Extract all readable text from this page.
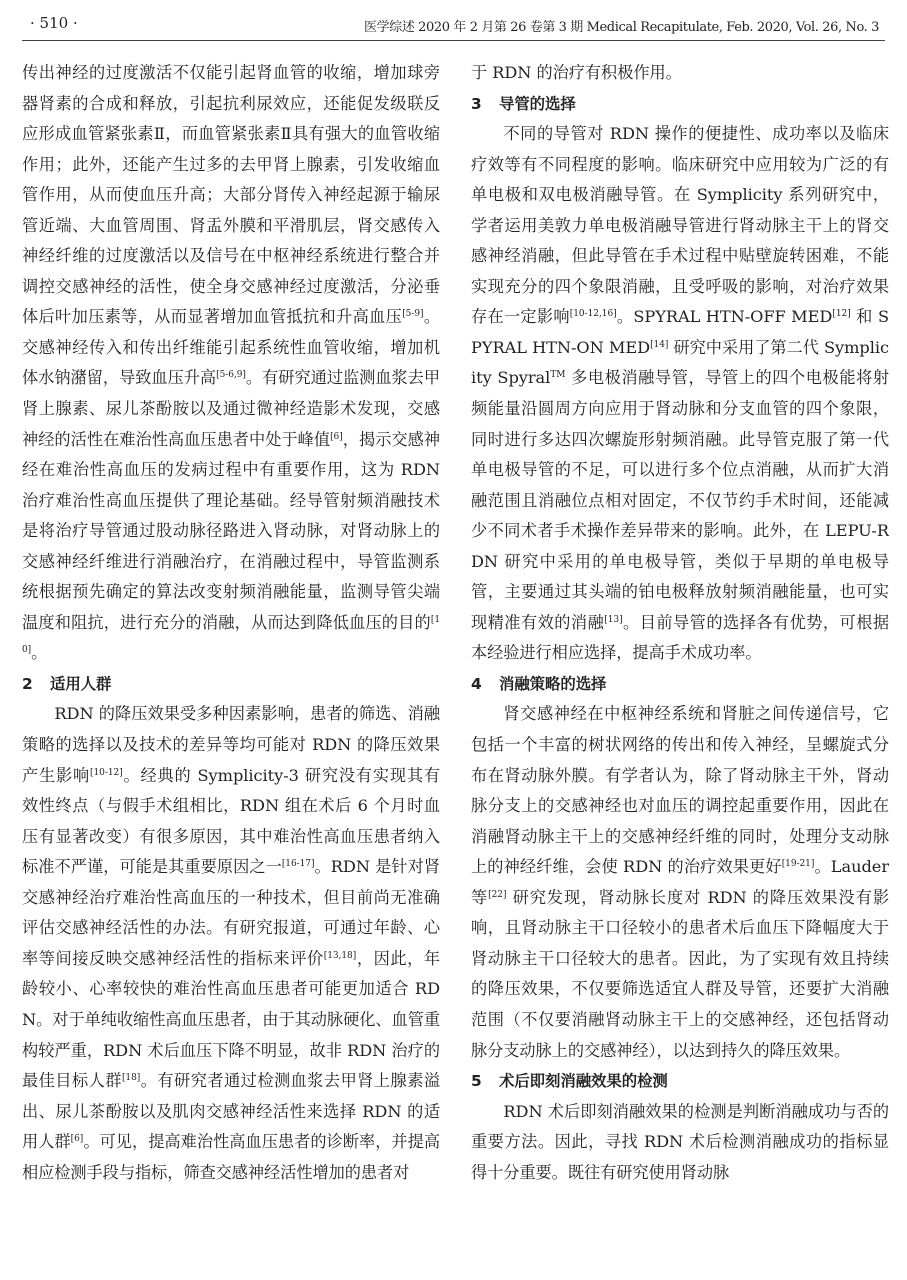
· 510 ·	医学综述 2020 年 2 月第 26 卷第 3 期 Medical Recapitulate, Feb. 2020, Vol. 26, No. 3

传出神经的过度激活不仅能引起肾血管的收缩，增加球旁器肾素的合成和释放，引起抗利尿效应，还能促发级联反应形成血管紧张素Ⅱ，而血管紧张素Ⅱ具有强大的血管收缩作用；此外，还能产生过多的去甲肾上腺素，引发收缩血管作用，从而使血压升高；大部分肾传入神经起源于输尿管近端、大血管周围、肾盂外膜和平滑肌层，肾交感传入神经纤维的过度激活以及信号在中枢神经系统进行整合并调控交感神经的活性，使全身交感神经过度激活，分泌垂体后叶加压素等，从而显著增加血管抵抗和升高血压[5-9]。交感神经传入和传出纤维能引起系统性血管收缩，增加机体水钠潴留，导致血压升高[5-6,9]。有研究通过监测血浆去甲肾上腺素、尿儿茶酚胺以及通过微神经造影术发现，交感神经的活性在难治性高血压患者中处于峰值[6]，揭示交感神经在难治性高血压的发病过程中有重要作用，这为 RDN 治疗难治性高血压提供了理论基础。经导管射频消融技术是将治疗导管通过股动脉径路进入肾动脉，对肾动脉上的交感神经纤维进行消融治疗，在消融过程中，导管监测系统根据预先确定的算法改变射频消融能量，监测导管尖端温度和阻抗，进行充分的消融，从而达到降低血压的目的[10]。

2 适用人群

RDN 的降压效果受多种因素影响，患者的筛选、消融策略的选择以及技术的差异等均可能对 RDN 的降压效果产生影响[10-12]。经典的 Symplicity-3 研究没有实现其有效性终点（与假手术组相比，RDN 组在术后 6 个月时血压有显著改变）有很多原因，其中难治性高血压患者纳入标准不严谨，可能是其重要原因之一[16-17]。RDN 是针对肾交感神经治疗难治性高血压的一种技术，但目前尚无准确评估交感神经活性的办法。有研究报道，可通过年龄、心率等间接反映交感神经活性的指标来评价[13,18]，因此，年龄较小、心率较快的难治性高血压患者可能更加适合 RDN。对于单纯收缩性高血压患者，由于其动脉硬化、血管重构较严重，RDN 术后血压下降不明显，故非 RDN 治疗的最佳目标人群[18]。有研究者通过检测血浆去甲肾上腺素溢出、尿儿茶酚胺以及肌肉交感神经活性来选择 RDN 的适用人群[6]。可见，提高难治性高血压患者的诊断率，并提高相应检测手段与指标，筛查交感神经活性增加的患者对

于 RDN 的治疗有积极作用。

3 导管的选择

不同的导管对 RDN 操作的便捷性、成功率以及临床疗效等有不同程度的影响。临床研究中应用较为广泛的有单电极和双电极消融导管。在 Symplicity 系列研究中，学者运用美敦力单电极消融导管进行肾动脉主干上的肾交感神经消融，但此导管在手术过程中贴壁旋转困难，不能实现充分的四个象限消融，且受呼吸的影响，对治疗效果存在一定影响[10-12,16]。SPYRAL HTN-OFF MED[12] 和 SPYRAL HTN-ON MED[14] 研究中采用了第二代 Symplicity Spyral™ 多电极消融导管，导管上的四个电极能将射频能量沿圆周方向应用于肾动脉和分支血管的四个象限，同时进行多达四次螺旋形射频消融。此导管克服了第一代单电极导管的不足，可以进行多个位点消融，从而扩大消融范围且消融位点相对固定，不仅节约手术时间，还能减少不同术者手术操作差异带来的影响。此外，在 LEPU-RDN 研究中采用的单电极导管，类似于早期的单电极导管，主要通过其头端的铂电极释放射频消融能量，也可实现精准有效的消融[13]。目前导管的选择各有优势，可根据本经验进行相应选择，提高手术成功率。

4 消融策略的选择

肾交感神经在中枢神经系统和肾脏之间传递信号，它包括一个丰富的树状网络的传出和传入神经，呈螺旋式分布在肾动脉外膜。有学者认为，除了肾动脉主干外，肾动脉分支上的交感神经也对血压的调控起重要作用，因此在消融肾动脉主干上的交感神经纤维的同时，处理分支动脉上的神经纤维，会使 RDN 的治疗效果更好[19-21]。Lauder 等[22] 研究发现，肾动脉长度对 RDN 的降压效果没有影响，且肾动脉主干口径较小的患者术后血压下降幅度大于肾动脉主干口径较大的患者。因此，为了实现有效且持续的降压效果，不仅要筛选适宜人群及导管，还要扩大消融范围（不仅要消融肾动脉主干上的交感神经，还包括肾动脉分支动脉上的交感神经），以达到持久的降压效果。

5 术后即刻消融效果的检测

RDN 术后即刻消融效果的检测是判断消融成功与否的重要方法。因此，寻找 RDN 术后检测消融成功的指标显得十分重要。既往有研究使用肾动脉
